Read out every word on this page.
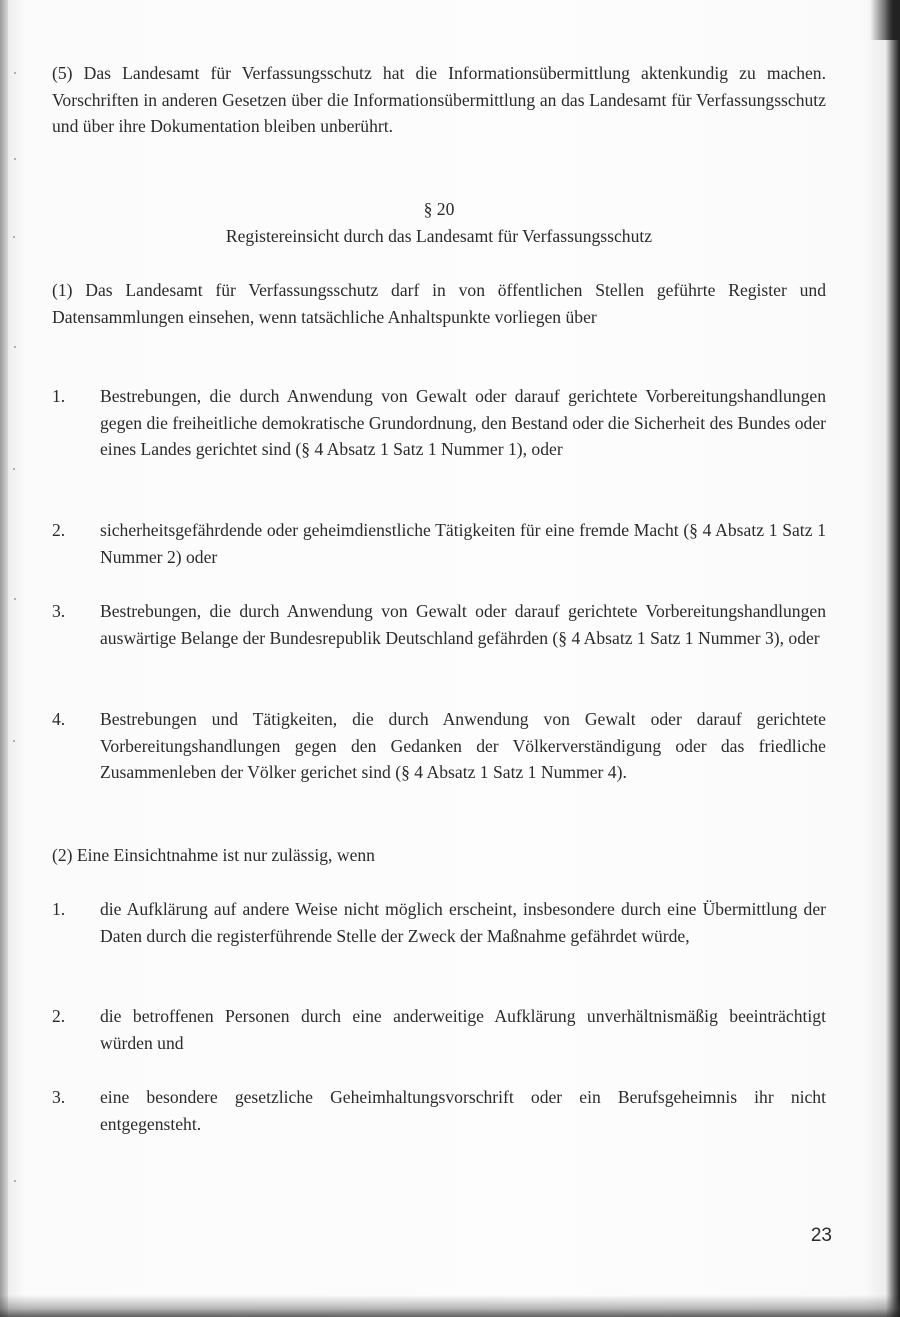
(5) Das Landesamt für Verfassungsschutz hat die Informationsübermittlung aktenkundig zu machen. Vorschriften in anderen Gesetzen über die Informationsübermittlung an das Landesamt für Verfassungsschutz und über ihre Dokumentation bleiben unberührt.

§ 20

Registereinsicht durch das Landesamt für Verfassungsschutz

(1) Das Landesamt für Verfassungsschutz darf in von öffentlichen Stellen geführte Register und Datensammlungen einsehen, wenn tatsächliche Anhaltspunkte vorliegen über

1. Bestrebungen, die durch Anwendung von Gewalt oder darauf gerichtete Vorbereitungshandlungen gegen die freiheitliche demokratische Grundordnung, den Bestand oder die Sicherheit des Bundes oder eines Landes gerichtet sind (§ 4 Absatz 1 Satz 1 Nummer 1), oder
2. sicherheitsgefährdende oder geheimdienstliche Tätigkeiten für eine fremde Macht (§ 4 Absatz 1 Satz 1 Nummer 2) oder
3. Bestrebungen, die durch Anwendung von Gewalt oder darauf gerichtete Vorbereitungshandlungen auswärtige Belange der Bundesrepublik Deutschland gefährden (§ 4 Absatz 1 Satz 1 Nummer 3), oder
4. Bestrebungen und Tätigkeiten, die durch Anwendung von Gewalt oder darauf gerichtete Vorbereitungshandlungen gegen den Gedanken der Völkerverständigung oder das friedliche Zusammenleben der Völker gerichet sind (§ 4 Absatz 1 Satz 1 Nummer 4).

(2) Eine Einsichtnahme ist nur zulässig, wenn

1. die Aufklärung auf andere Weise nicht möglich erscheint, insbesondere durch eine Übermittlung der Daten durch die registerführende Stelle der Zweck der Maßnahme gefährdet würde,
2. die betroffenen Personen durch eine anderweitige Aufklärung unverhältnismäßig beeinträchtigt würden und
3. eine besondere gesetzliche Geheimhaltungsvorschrift oder ein Berufsgeheimnis ihr nicht entgegensteht.
23
